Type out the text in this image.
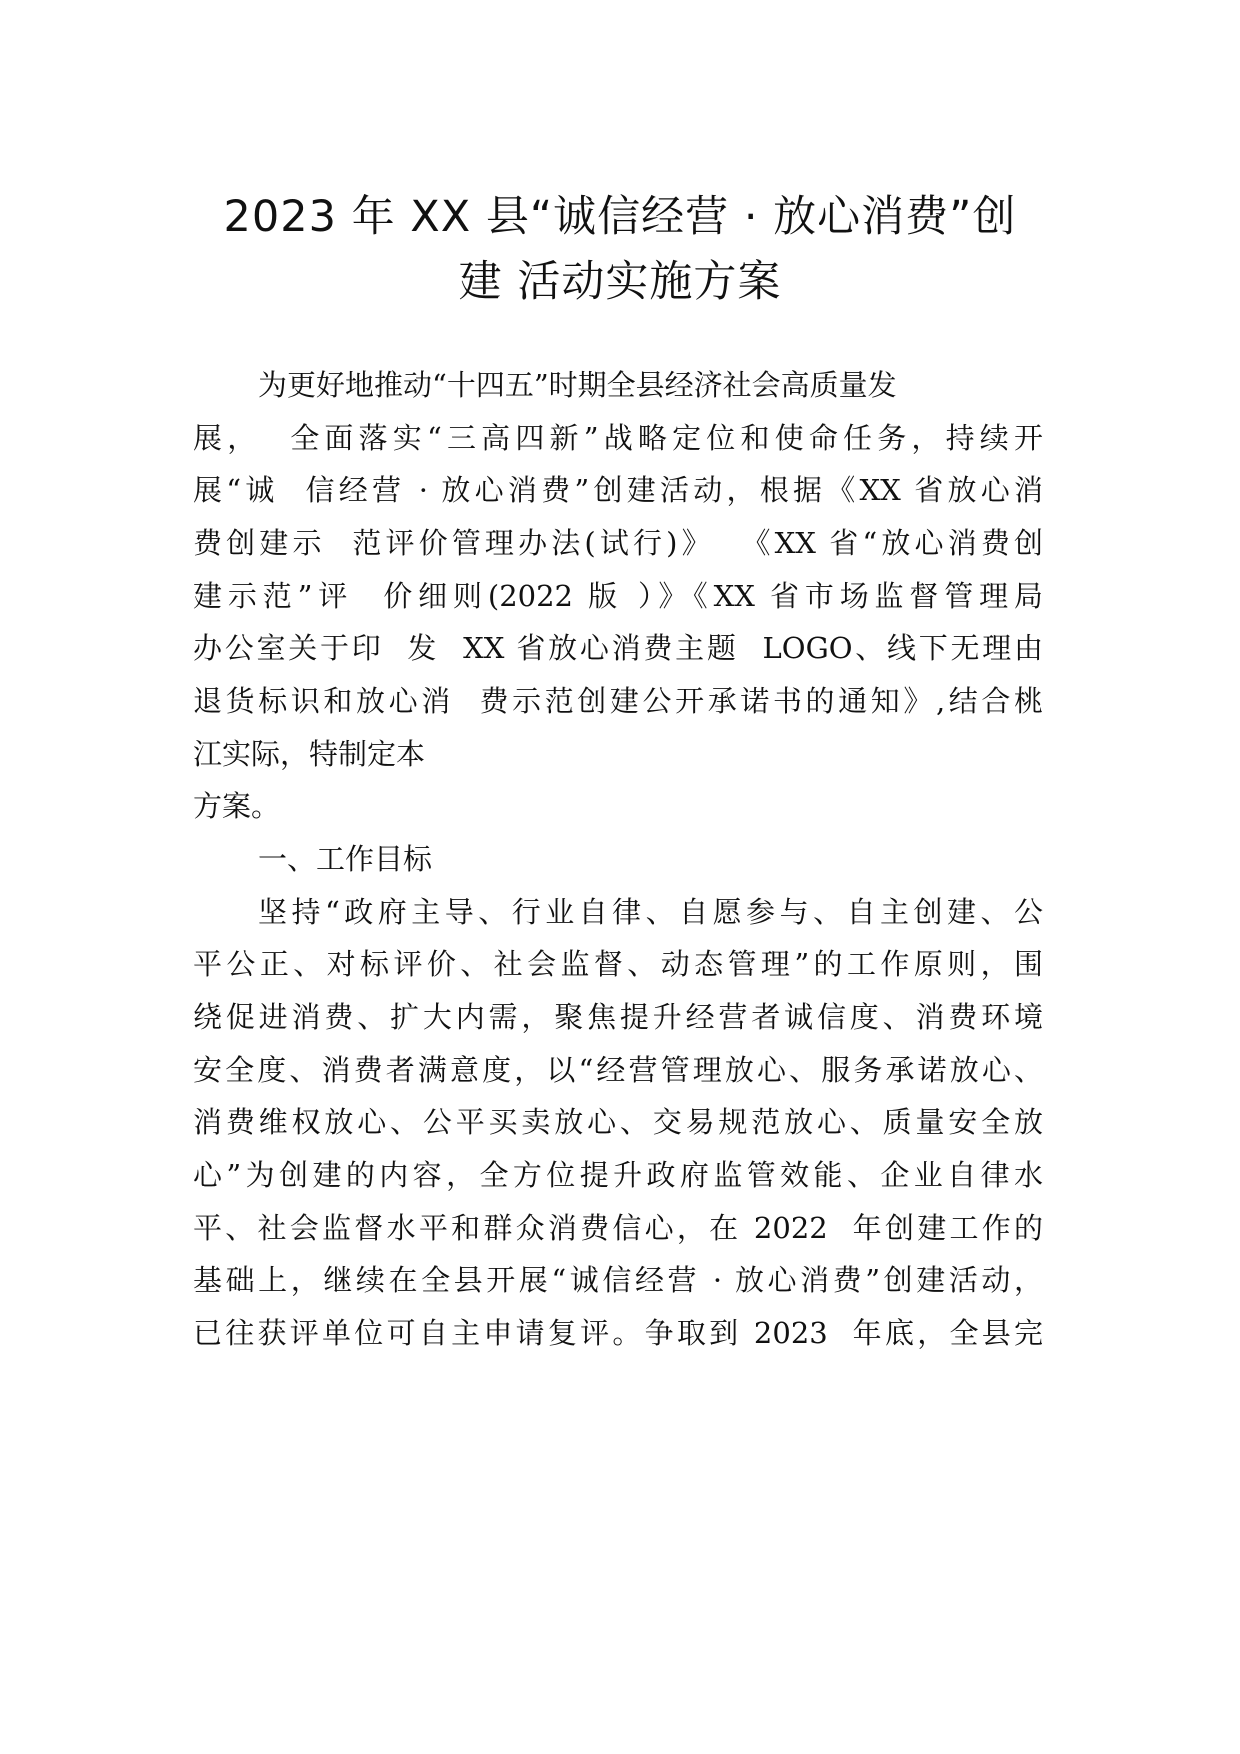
2023 年 XX 县“诚信经营 · 放心消费”创
建 活动实施方案
为更好地推动“十四五”时期全县经济社会高质量发
展，  全面落实“三高四新”战略定位和使命任务，持续开
展“诚  信经营 · 放心消费”创建活动，根据《XX 省放心消
费创建示  范评价管理办法(试行)》  《XX 省“放心消费创
建示范”评  价细则(2022 版 ）》《XX 省市场监督管理局
办公室关于印  发  XX 省放心消费主题  LOGO、线下无理由
退货标识和放心消  费示范创建公开承诺书的通知》,结合桃
江实际，特制定本
方案。
一、工作目标
坚持“政府主导、行业自律、自愿参与、自主创建、公
平公正、对标评价、社会监督、动态管理”的工作原则，围
绕促进消费、扩大内需，聚焦提升经营者诚信度、消费环境
安全度、消费者满意度，以“经营管理放心、服务承诺放心、
消费维权放心、公平买卖放心、交易规范放心、质量安全放
心”为创建的内容，全方位提升政府监管效能、企业自律水
平、社会监督水平和群众消费信心，在 2022  年创建工作的
基础上，继续在全县开展“诚信经营 · 放心消费”创建活动，
已往获评单位可自主申请复评。争取到 2023  年底，全县完
